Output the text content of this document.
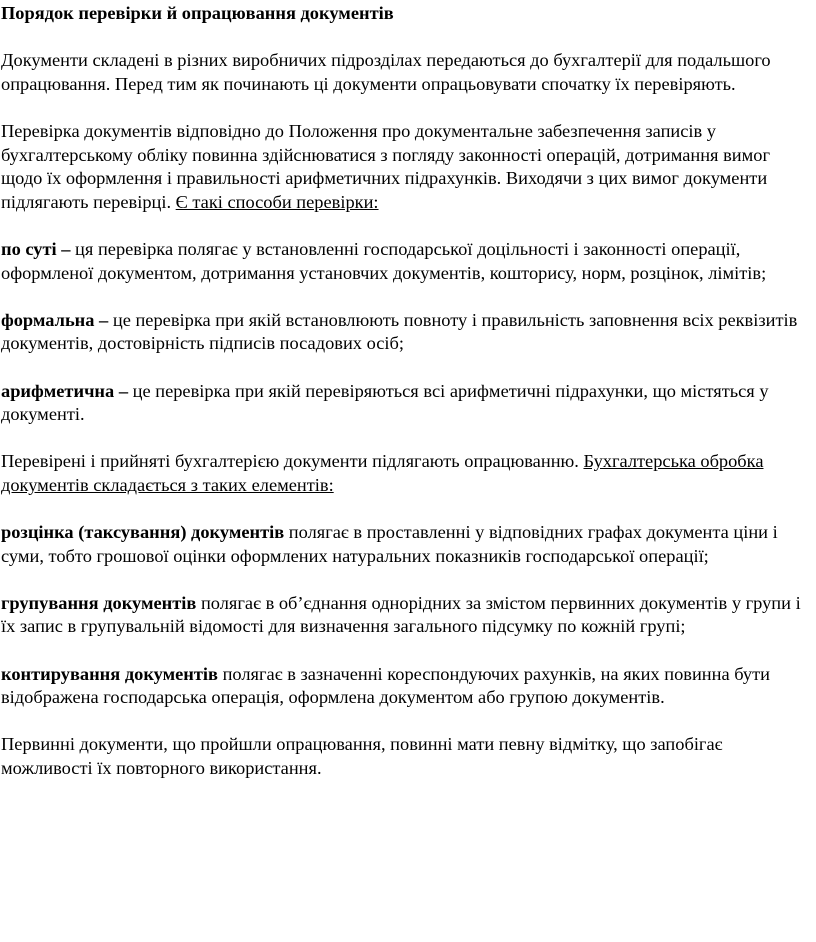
Порядок перевірки й опрацювання документів

Документи складені в різних виробничих підрозділах передаються до бухгалтерії для подальшого опрацювання. Перед тим як починають ці документи опрацьовувати спочатку їх перевіряють.

Перевірка документів відповідно до Положення про документальне забезпечення записів у бухгалтерському обліку повинна здійснюватися з погляду законності операцій, дотримання вимог щодо їх оформлення і правильності арифметичних підрахунків. Виходячи з цих вимог документи підлягають перевірці. Є такі способи перевірки:

по суті – ця перевірка полягає у встановленні господарської доцільності і законності операції, оформленої документом, дотримання установчих документів, кошторису, норм, розцінок, лімітів;

формальна – це перевірка при якій встановлюють повноту і правильність заповнення всіх реквізитів документів, достовірність підписів посадових осіб;

арифметична – це перевірка при якій перевіряються всі арифметичні підрахунки, що містяться у документі.

Перевірені і прийняті бухгалтерією документи підлягають опрацюванню. Бухгалтерська обробка документів складається з таких елементів:

розцінка (таксування) документів полягає в проставленні у відповідних графах документа ціни і суми, тобто грошової оцінки оформлених натуральних показників господарської операції;

групування документів полягає в об’єднання однорідних за змістом первинних документів у групи і їх запис в групувальній відомості для визначення загального підсумку по кожній групі;

контирування документів полягає в зазначенні кореспондуючих рахунків, на яких повинна бути відображена господарська операція, оформлена документом або групою документів.

Первинні документи, що пройшли опрацювання, повинні мати певну відмітку, що запобігає можливості їх повторного використання.
